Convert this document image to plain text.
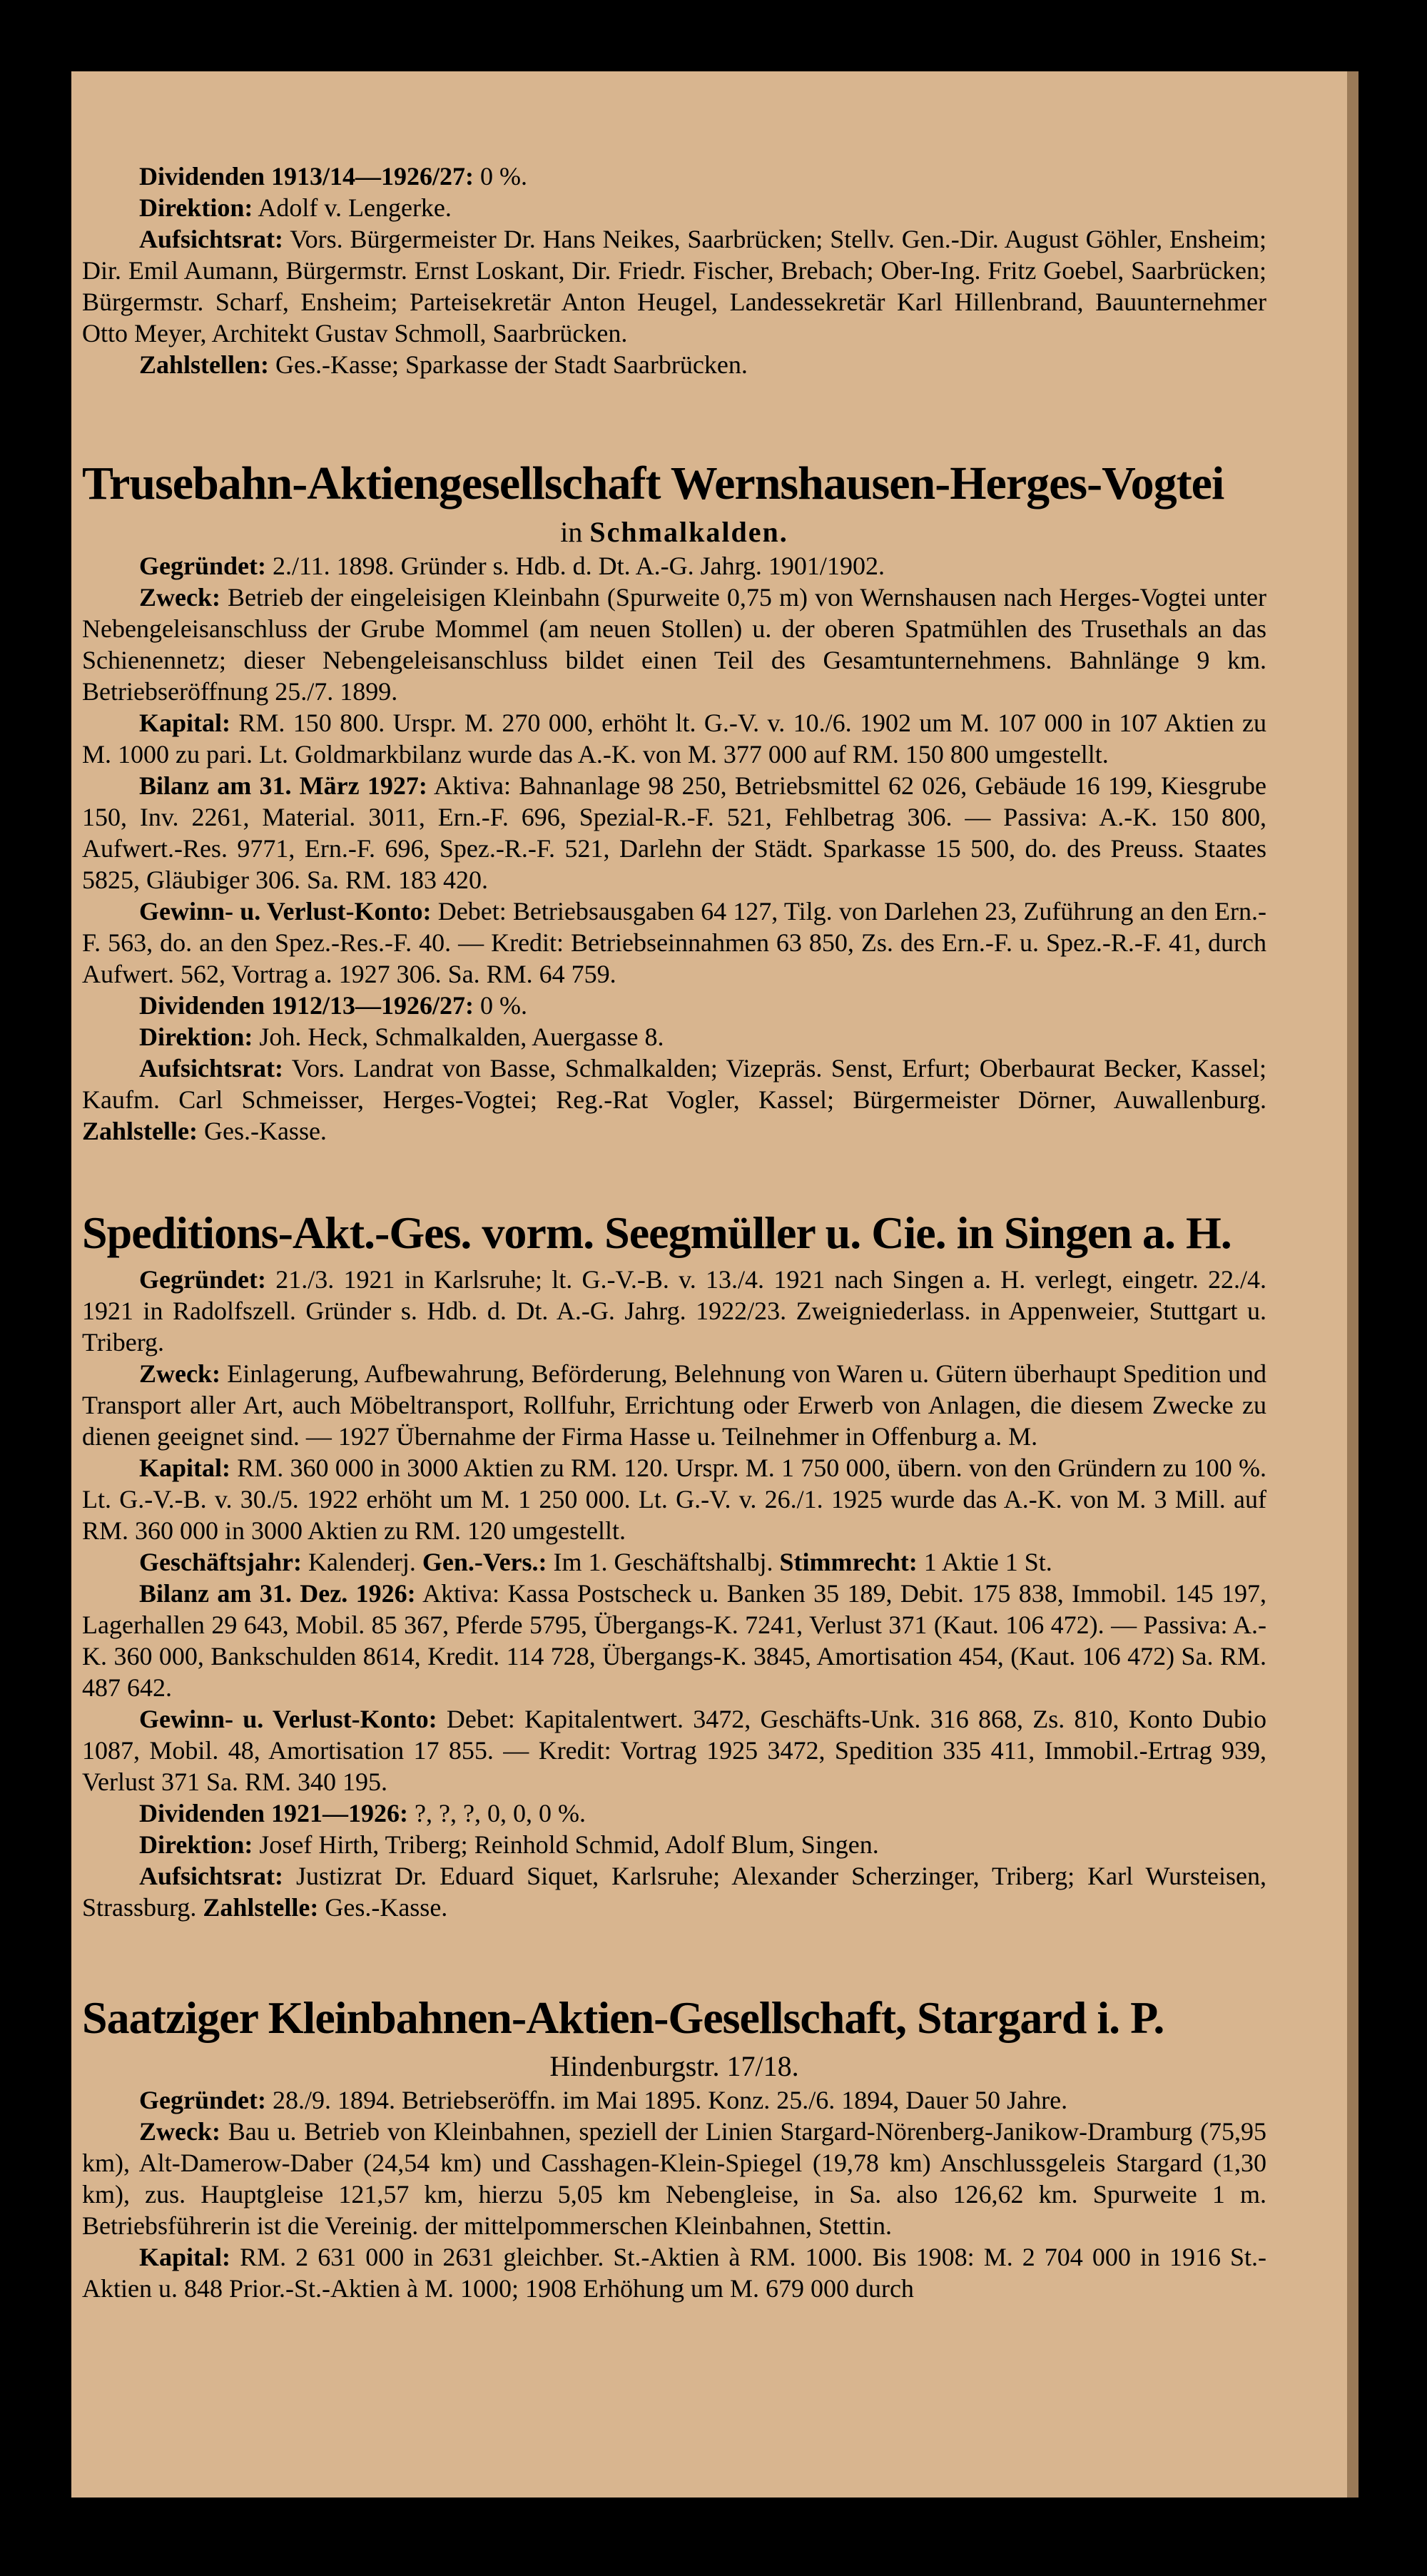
7002	Verkehrs-, Transport- und Lagerhaus-Gesellschaften.

Dividenden 1913/14—1926/27: 0 %.

Direktion: Adolf v. Lengerke.

Aufsichtsrat: Vors. Bürgermeister Dr. Hans Neikes, Saarbrücken; Stellv. Gen.-Dir. August Göhler, Ensheim; Dir. Emil Aumann, Bürgermstr. Ernst Loskant, Dir. Friedr. Fischer, Brebach; Ober-Ing. Fritz Goebel, Saarbrücken; Bürgermstr. Scharf, Ensheim; Parteisekretär Anton Heugel, Landessekretär Karl Hillenbrand, Bauunternehmer Otto Meyer, Architekt Gustav Schmoll, Saarbrücken.

Zahlstellen: Ges.-Kasse; Sparkasse der Stadt Saarbrücken.

Trusebahn-Aktiengesellschaft Wernshausen-Herges-Vogtei

in Schmalkalden.

Gegründet: 2./11. 1898. Gründer s. Hdb. d. Dt. A.-G. Jahrg. 1901/1902.

Zweck: Betrieb der eingeleisigen Kleinbahn (Spurweite 0,75 m) von Wernshausen nach Herges-Vogtei unter Nebengeleisanschluss der Grube Mommel (am neuen Stollen) u. der oberen Spatmühlen des Trusethals an das Schienennetz; dieser Nebengeleisanschluss bildet einen Teil des Gesamtunternehmens. Bahnlänge 9 km. Betriebseröffnung 25./7. 1899.

Kapital: RM. 150 800. Urspr. M. 270 000, erhöht lt. G.-V. v. 10./6. 1902 um M. 107 000 in 107 Aktien zu M. 1000 zu pari. Lt. Goldmarkbilanz wurde das A.-K. von M. 377 000 auf RM. 150 800 umgestellt.

Bilanz am 31. März 1927: Aktiva: Bahnanlage 98 250, Betriebsmittel 62 026, Gebäude 16 199, Kiesgrube 150, Inv. 2261, Material. 3011, Ern.-F. 696, Spezial-R.-F. 521, Fehlbetrag 306. — Passiva: A.-K. 150 800, Aufwert.-Res. 9771, Ern.-F. 696, Spez.-R.-F. 521, Darlehn der Städt. Sparkasse 15 500, do. des Preuss. Staates 5825, Gläubiger 306. Sa. RM. 183 420.

Gewinn- u. Verlust-Konto: Debet: Betriebsausgaben 64 127, Tilg. von Darlehen 23, Zuführung an den Ern.-F. 563, do. an den Spez.-Res.-F. 40. — Kredit: Betriebseinnahmen 63 850, Zs. des Ern.-F. u. Spez.-R.-F. 41, durch Aufwert. 562, Vortrag a. 1927 306. Sa. RM. 64 759.

Dividenden 1912/13—1926/27: 0 %.

Direktion: Joh. Heck, Schmalkalden, Auergasse 8.

Aufsichtsrat: Vors. Landrat von Basse, Schmalkalden; Vizepräs. Senst, Erfurt; Oberbaurat Becker, Kassel; Kaufm. Carl Schmeisser, Herges-Vogtei; Reg.-Rat Vogler, Kassel; Bürgermeister Dörner, Auwallenburg. Zahlstelle: Ges.-Kasse.

Speditions-Akt.-Ges. vorm. Seegmüller u. Cie. in Singen a. H.

Gegründet: 21./3. 1921 in Karlsruhe; lt. G.-V.-B. v. 13./4. 1921 nach Singen a. H. verlegt, eingetr. 22./4. 1921 in Radolfszell. Gründer s. Hdb. d. Dt. A.-G. Jahrg. 1922/23. Zweigniederlass. in Appenweier, Stuttgart u. Triberg.

Zweck: Einlagerung, Aufbewahrung, Beförderung, Belehnung von Waren u. Gütern überhaupt Spedition und Transport aller Art, auch Möbeltransport, Rollfuhr, Errichtung oder Erwerb von Anlagen, die diesem Zwecke zu dienen geeignet sind. — 1927 Übernahme der Firma Hasse u. Teilnehmer in Offenburg a. M.

Kapital: RM. 360 000 in 3000 Aktien zu RM. 120. Urspr. M. 1 750 000, übern. von den Gründern zu 100 %. Lt. G.-V.-B. v. 30./5. 1922 erhöht um M. 1 250 000. Lt. G.-V. v. 26./1. 1925 wurde das A.-K. von M. 3 Mill. auf RM. 360 000 in 3000 Aktien zu RM. 120 umgestellt.

Geschäftsjahr: Kalenderj. Gen.-Vers.: Im 1. Geschäftshalbj. Stimmrecht: 1 Aktie 1 St.

Bilanz am 31. Dez. 1926: Aktiva: Kassa Postscheck u. Banken 35 189, Debit. 175 838, Immobil. 145 197, Lagerhallen 29 643, Mobil. 85 367, Pferde 5795, Übergangs-K. 7241, Verlust 371 (Kaut. 106 472). — Passiva: A.-K. 360 000, Bankschulden 8614, Kredit. 114 728, Übergangs-K. 3845, Amortisation 454, (Kaut. 106 472) Sa. RM. 487 642.

Gewinn- u. Verlust-Konto: Debet: Kapitalentwert. 3472, Geschäfts-Unk. 316 868, Zs. 810, Konto Dubio 1087, Mobil. 48, Amortisation 17 855. — Kredit: Vortrag 1925 3472, Spedition 335 411, Immobil.-Ertrag 939, Verlust 371 Sa. RM. 340 195.

Dividenden 1921—1926: ?, ?, ?, 0, 0, 0 %.

Direktion: Josef Hirth, Triberg; Reinhold Schmid, Adolf Blum, Singen.

Aufsichtsrat: Justizrat Dr. Eduard Siquet, Karlsruhe; Alexander Scherzinger, Triberg; Karl Wursteisen, Strassburg. Zahlstelle: Ges.-Kasse.

Saatziger Kleinbahnen-Aktien-Gesellschaft, Stargard i. P.

Hindenburgstr. 17/18.

Gegründet: 28./9. 1894. Betriebseröffn. im Mai 1895. Konz. 25./6. 1894, Dauer 50 Jahre.

Zweck: Bau u. Betrieb von Kleinbahnen, speziell der Linien Stargard-Nörenberg-Janikow-Dramburg (75,95 km), Alt-Damerow-Daber (24,54 km) und Casshagen-Klein-Spiegel (19,78 km) Anschlussgeleis Stargard (1,30 km), zus. Hauptgleise 121,57 km, hierzu 5,05 km Nebengleise, in Sa. also 126,62 km. Spurweite 1 m. Betriebsführerin ist die Vereinig. der mittelpommerschen Kleinbahnen, Stettin.

Kapital: RM. 2 631 000 in 2631 gleichber. St.-Aktien à RM. 1000. Bis 1908: M. 2 704 000 in 1916 St.-Aktien u. 848 Prior.-St.-Aktien à M. 1000; 1908 Erhöhung um M. 679 000 durch
